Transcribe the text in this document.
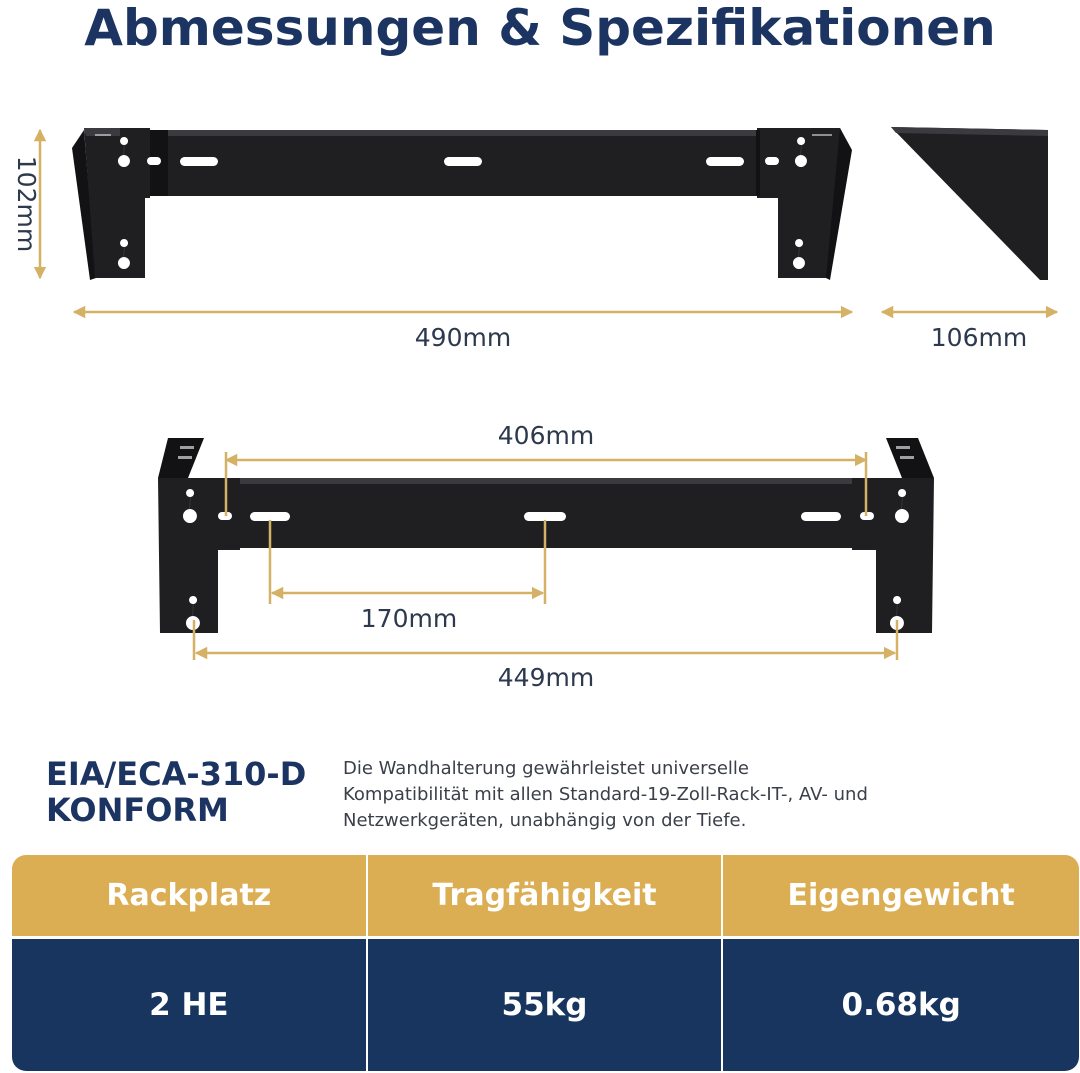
Abmessungen & Spezifikationen
102mm
490mm	106mm
406mm
170mm
449mm
EIA/ECA-310-D
KONFORM
Die Wandhalterung gewährleistet universelle
Kompatibilität mit allen Standard-19-Zoll-Rack-IT-, AV- und
Netzwerkgeräten, unabhängig von der Tiefe.
Rackplatz	Tragfähigkeit	Eigengewicht
2 HE	55kg	0.68kg
